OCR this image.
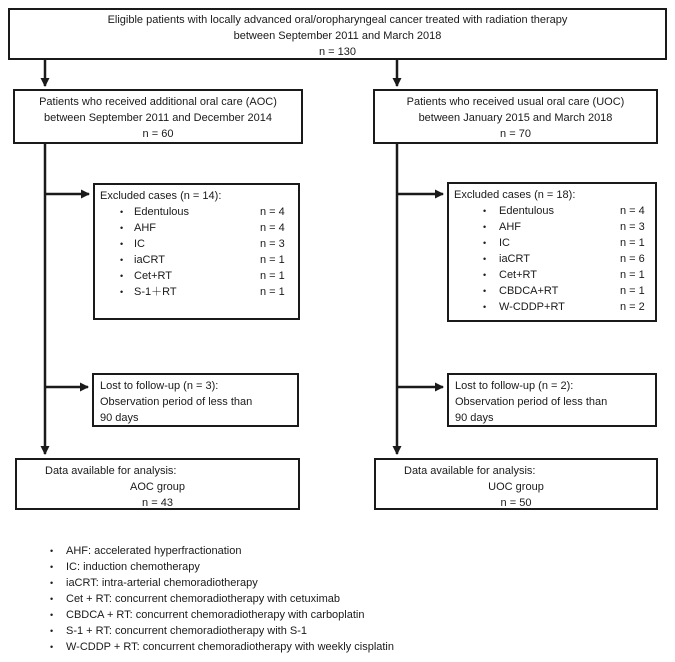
Eligible patients with locally advanced oral/oropharyngeal cancer treated with radiation therapy
between September 2011 and March 2018
n = 130
Patients who received additional oral care (AOC)
between September 2011 and December 2014
n = 60
Patients who received usual oral care (UOC)
between January 2015 and March 2018
n = 70
Excluded cases (n = 14):
• Edentulous	n = 4
• AHF	n = 4
• IC	n = 3
• iaCRT	n = 1
• Cet+RT	n = 1
• S-1＋RT	n = 1
Excluded cases (n = 18):
• Edentulous	n = 4
• AHF	n = 3
• IC	n = 1
• iaCRT	n = 6
• Cet+RT	n = 1
• CBDCA+RT	n = 1
• W-CDDP+RT	n = 2
Lost to follow-up (n = 3):
Observation period of less than
90 days
Lost to follow-up (n = 2):
Observation period of less than
90 days
Data available for analysis:
AOC group
n = 43
Data available for analysis:
UOC group
n = 50
• AHF: accelerated hyperfractionation
• IC: induction chemotherapy
• iaCRT: intra-arterial chemoradiotherapy
• Cet + RT: concurrent chemoradiotherapy with cetuximab
• CBDCA + RT: concurrent chemoradiotherapy with carboplatin
• S-1 + RT: concurrent chemoradiotherapy with S-1
• W-CDDP + RT: concurrent chemoradiotherapy with weekly cisplatin
